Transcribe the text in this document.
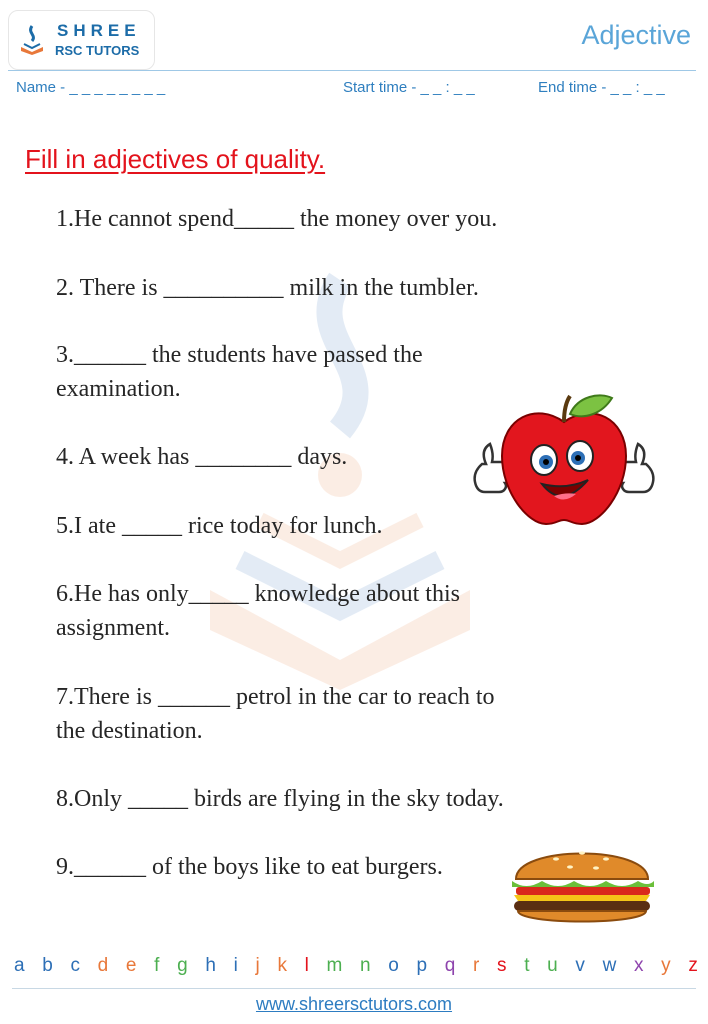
SHREE
RSC TUTORS
Adjective
Name - _ _ _ _ _ _ _ _	Start time - _ _ : _ _	End time - _ _ : _ _
Fill in adjectives of quality.
1.He cannot spend_____ the money over you.
2. There is __________ milk in the tumbler.
3.______ the students have passed the
examination.
4. A week has ________ days.
5.I ate _____ rice today for lunch.
6.He has only_____ knowledge about this
assignment.
7.There is ______ petrol in the car to reach to
the destination.
8.Only _____ birds are flying in the sky today.
9.______ of the boys like to eat burgers.
a b c d e f g h i j k l m n o p q r s t u v w x y z
www.shreersctutors.com
